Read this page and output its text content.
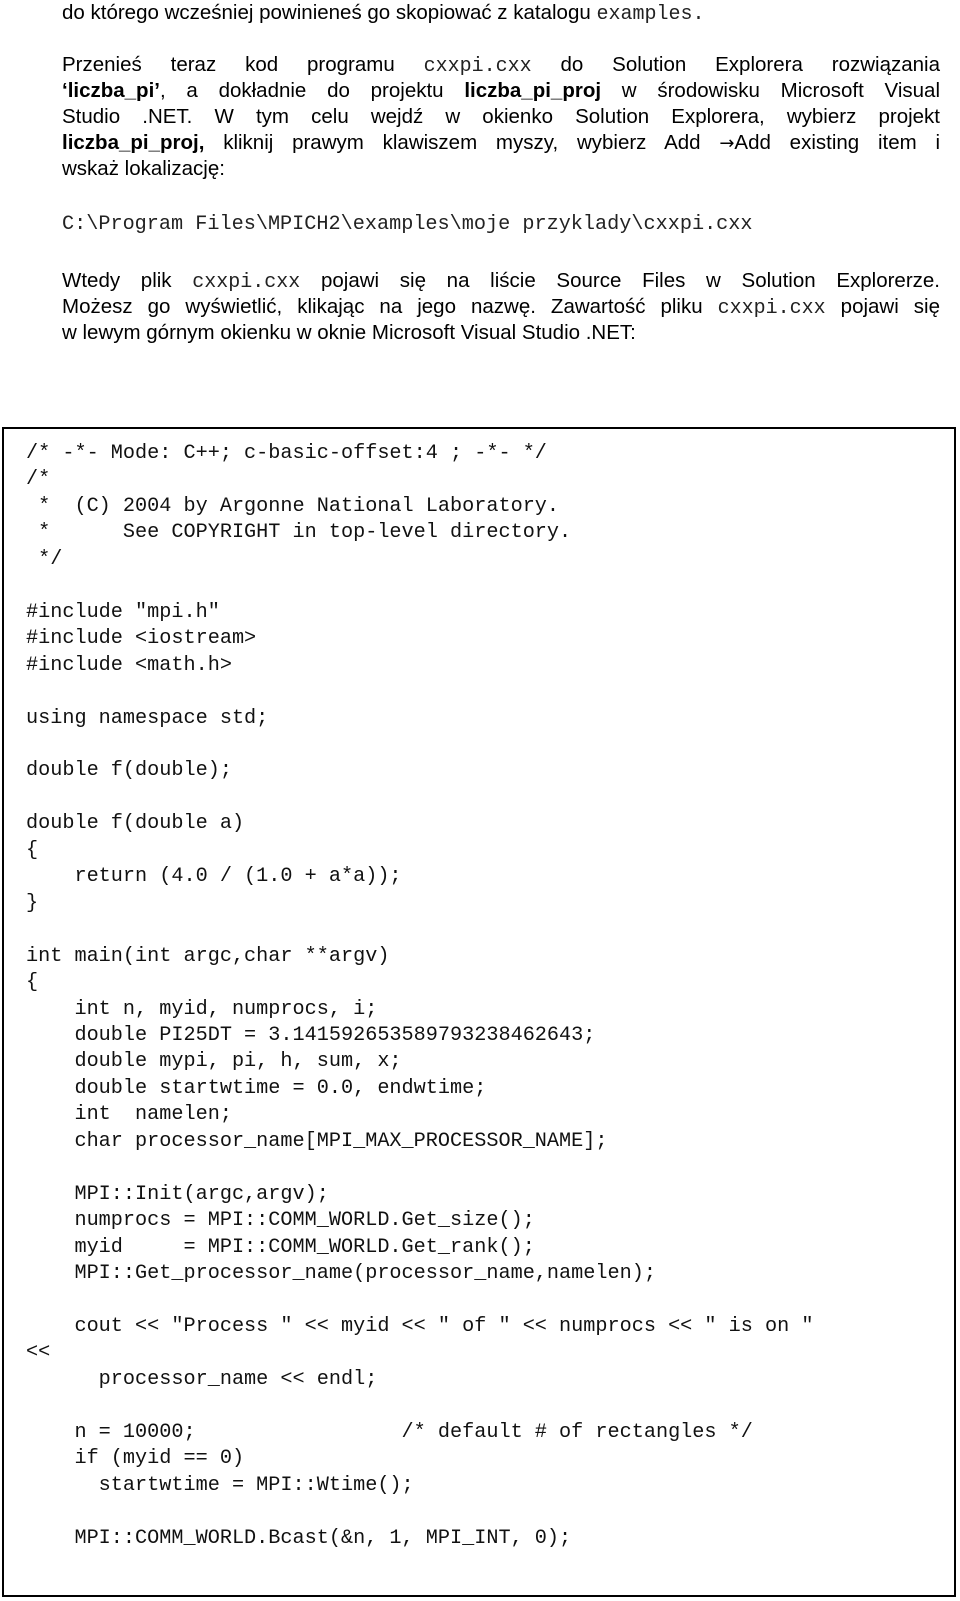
do którego wcześniej powinieneś go skopiować z katalogu examples.
Przenieś teraz kod programu cxxpi.cxx do Solution Explorera rozwiązania
‘liczba_pi’, a dokładnie do projektu liczba_pi_proj w środowisku Microsoft Visual
Studio .NET. W tym celu wejdź w okienko Solution Explorera, wybierz projekt
liczba_pi_proj, kliknij prawym klawiszem myszy, wybierz Add →Add existing item i
wskaż lokalizację:
C:\Program Files\MPICH2\examples\moje przyklady\cxxpi.cxx
Wtedy plik cxxpi.cxx pojawi się na liście Source Files w Solution Explorerze.
Możesz go wyświetlić, klikając na jego nazwę. Zawartość pliku cxxpi.cxx pojawi się
w lewym górnym okienku w oknie Microsoft Visual Studio .NET:
/* -*- Mode: C++; c-basic-offset:4 ; -*- */
/*
*  (C) 2004 by Argonne National Laboratory.
*      See COPYRIGHT in top-level directory.
*/

#include "mpi.h"
#include <iostream>
#include <math.h>

using namespace std;

double f(double);

double f(double a)
{
return (4.0 / (1.0 + a*a));
}

int main(int argc,char **argv)
{
int n, myid, numprocs, i;
double PI25DT = 3.141592653589793238462643;
double mypi, pi, h, sum, x;
double startwtime = 0.0, endwtime;
int  namelen;
char processor_name[MPI_MAX_PROCESSOR_NAME];

MPI::Init(argc,argv);
numprocs = MPI::COMM_WORLD.Get_size();
myid     = MPI::COMM_WORLD.Get_rank();
MPI::Get_processor_name(processor_name,namelen);

cout << "Process " << myid << " of " << numprocs << " is on "
<<
processor_name << endl;

n = 10000;                 /* default # of rectangles */
if (myid == 0)
startwtime = MPI::Wtime();

MPI::COMM_WORLD.Bcast(&n, 1, MPI_INT, 0);
